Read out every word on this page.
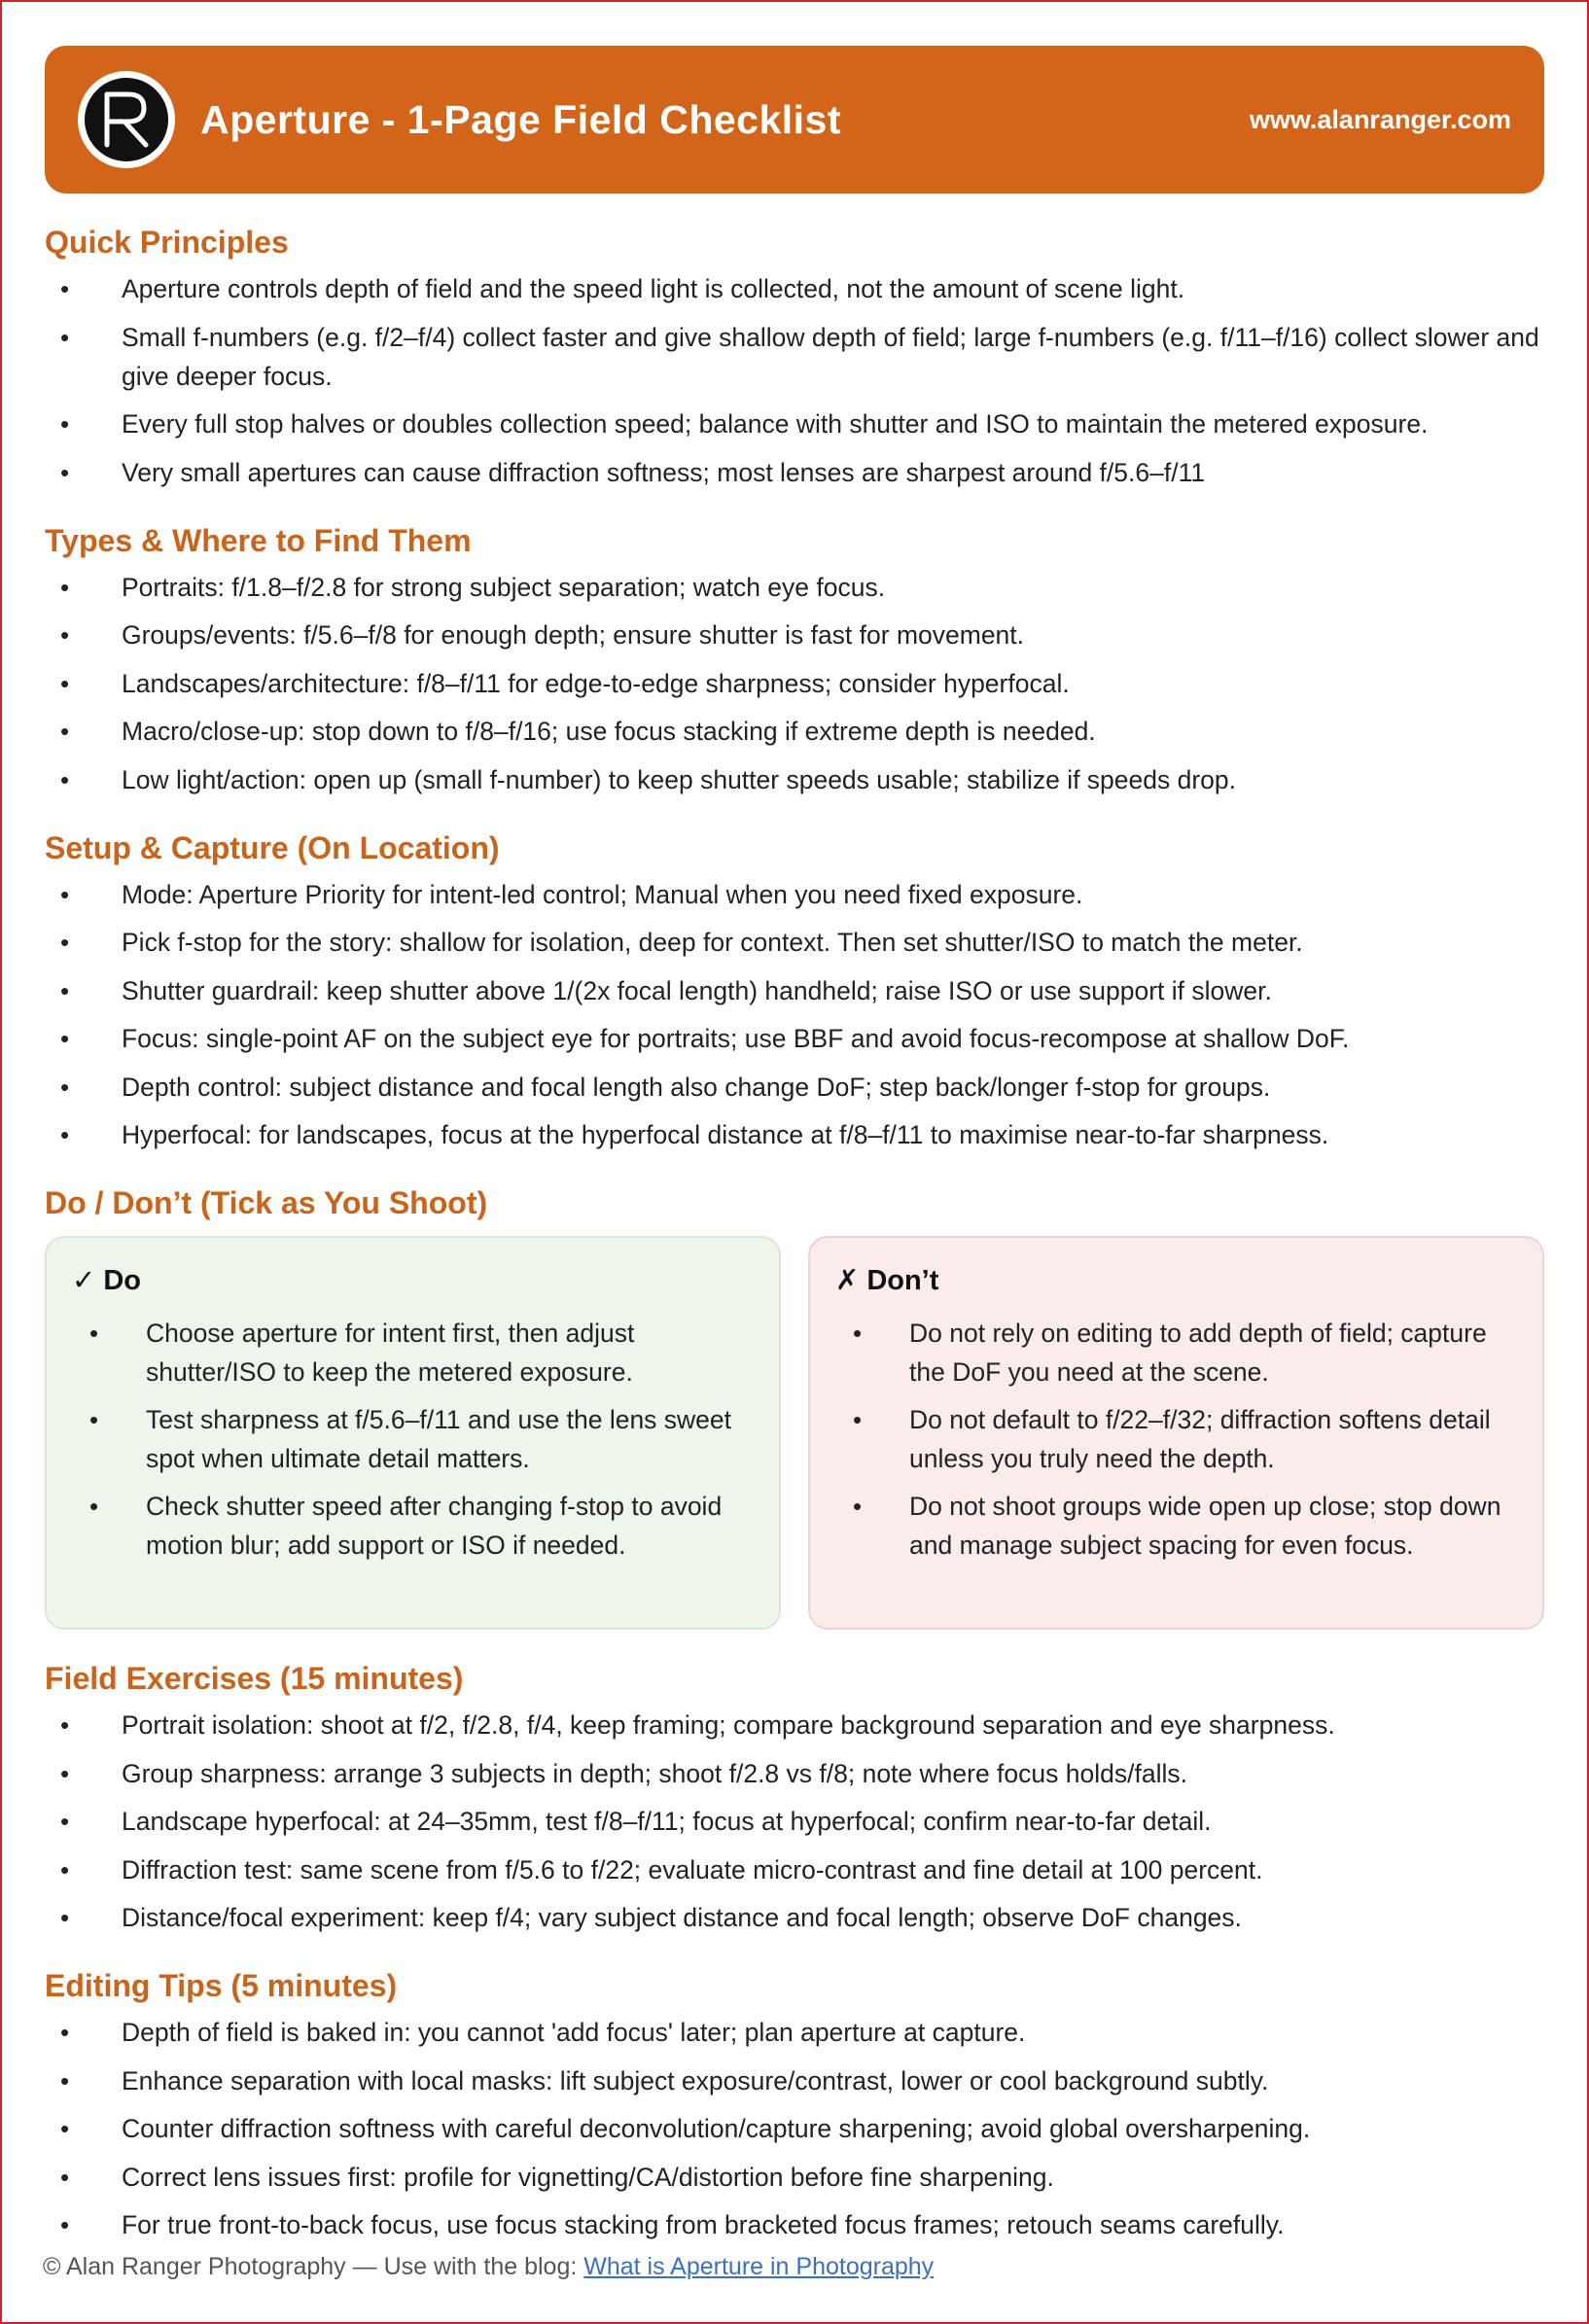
Aperture - 1-Page Field Checklist	www.alanranger.com
Quick Principles
• Aperture controls depth of field and the speed light is collected, not the amount of scene light.
• Small f-numbers (e.g. f/2–f/4) collect faster and give shallow depth of field; large f-numbers (e.g. f/11–f/16) collect slower and give deeper focus.
• Every full stop halves or doubles collection speed; balance with shutter and ISO to maintain the metered exposure.
• Very small apertures can cause diffraction softness; most lenses are sharpest around f/5.6–f/11
Types & Where to Find Them
• Portraits: f/1.8–f/2.8 for strong subject separation; watch eye focus.
• Groups/events: f/5.6–f/8 for enough depth; ensure shutter is fast for movement.
• Landscapes/architecture: f/8–f/11 for edge-to-edge sharpness; consider hyperfocal.
• Macro/close-up: stop down to f/8–f/16; use focus stacking if extreme depth is needed.
• Low light/action: open up (small f-number) to keep shutter speeds usable; stabilize if speeds drop.
Setup & Capture (On Location)
• Mode: Aperture Priority for intent-led control; Manual when you need fixed exposure.
• Pick f-stop for the story: shallow for isolation, deep for context. Then set shutter/ISO to match the meter.
• Shutter guardrail: keep shutter above 1/(2x focal length) handheld; raise ISO or use support if slower.
• Focus: single-point AF on the subject eye for portraits; use BBF and avoid focus-recompose at shallow DoF.
• Depth control: subject distance and focal length also change DoF; step back/longer f-stop for groups.
• Hyperfocal: for landscapes, focus at the hyperfocal distance at f/8–f/11 to maximise near-to-far sharpness.
Do / Don’t (Tick as You Shoot)
✓ Do
• Choose aperture for intent first, then adjust shutter/ISO to keep the metered exposure.
• Test sharpness at f/5.6–f/11 and use the lens sweet spot when ultimate detail matters.
• Check shutter speed after changing f-stop to avoid motion blur; add support or ISO if needed.
✗ Don’t
• Do not rely on editing to add depth of field; capture the DoF you need at the scene.
• Do not default to f/22–f/32; diffraction softens detail unless you truly need the depth.
• Do not shoot groups wide open up close; stop down and manage subject spacing for even focus.
Field Exercises (15 minutes)
• Portrait isolation: shoot at f/2, f/2.8, f/4, keep framing; compare background separation and eye sharpness.
• Group sharpness: arrange 3 subjects in depth; shoot f/2.8 vs f/8; note where focus holds/falls.
• Landscape hyperfocal: at 24–35mm, test f/8–f/11; focus at hyperfocal; confirm near-to-far detail.
• Diffraction test: same scene from f/5.6 to f/22; evaluate micro-contrast and fine detail at 100 percent.
• Distance/focal experiment: keep f/4; vary subject distance and focal length; observe DoF changes.
Editing Tips (5 minutes)
• Depth of field is baked in: you cannot 'add focus' later; plan aperture at capture.
• Enhance separation with local masks: lift subject exposure/contrast, lower or cool background subtly.
• Counter diffraction softness with careful deconvolution/capture sharpening; avoid global oversharpening.
• Correct lens issues first: profile for vignetting/CA/distortion before fine sharpening.
• For true front-to-back focus, use focus stacking from bracketed focus frames; retouch seams carefully.
© Alan Ranger Photography — Use with the blog: What is Aperture in Photography
